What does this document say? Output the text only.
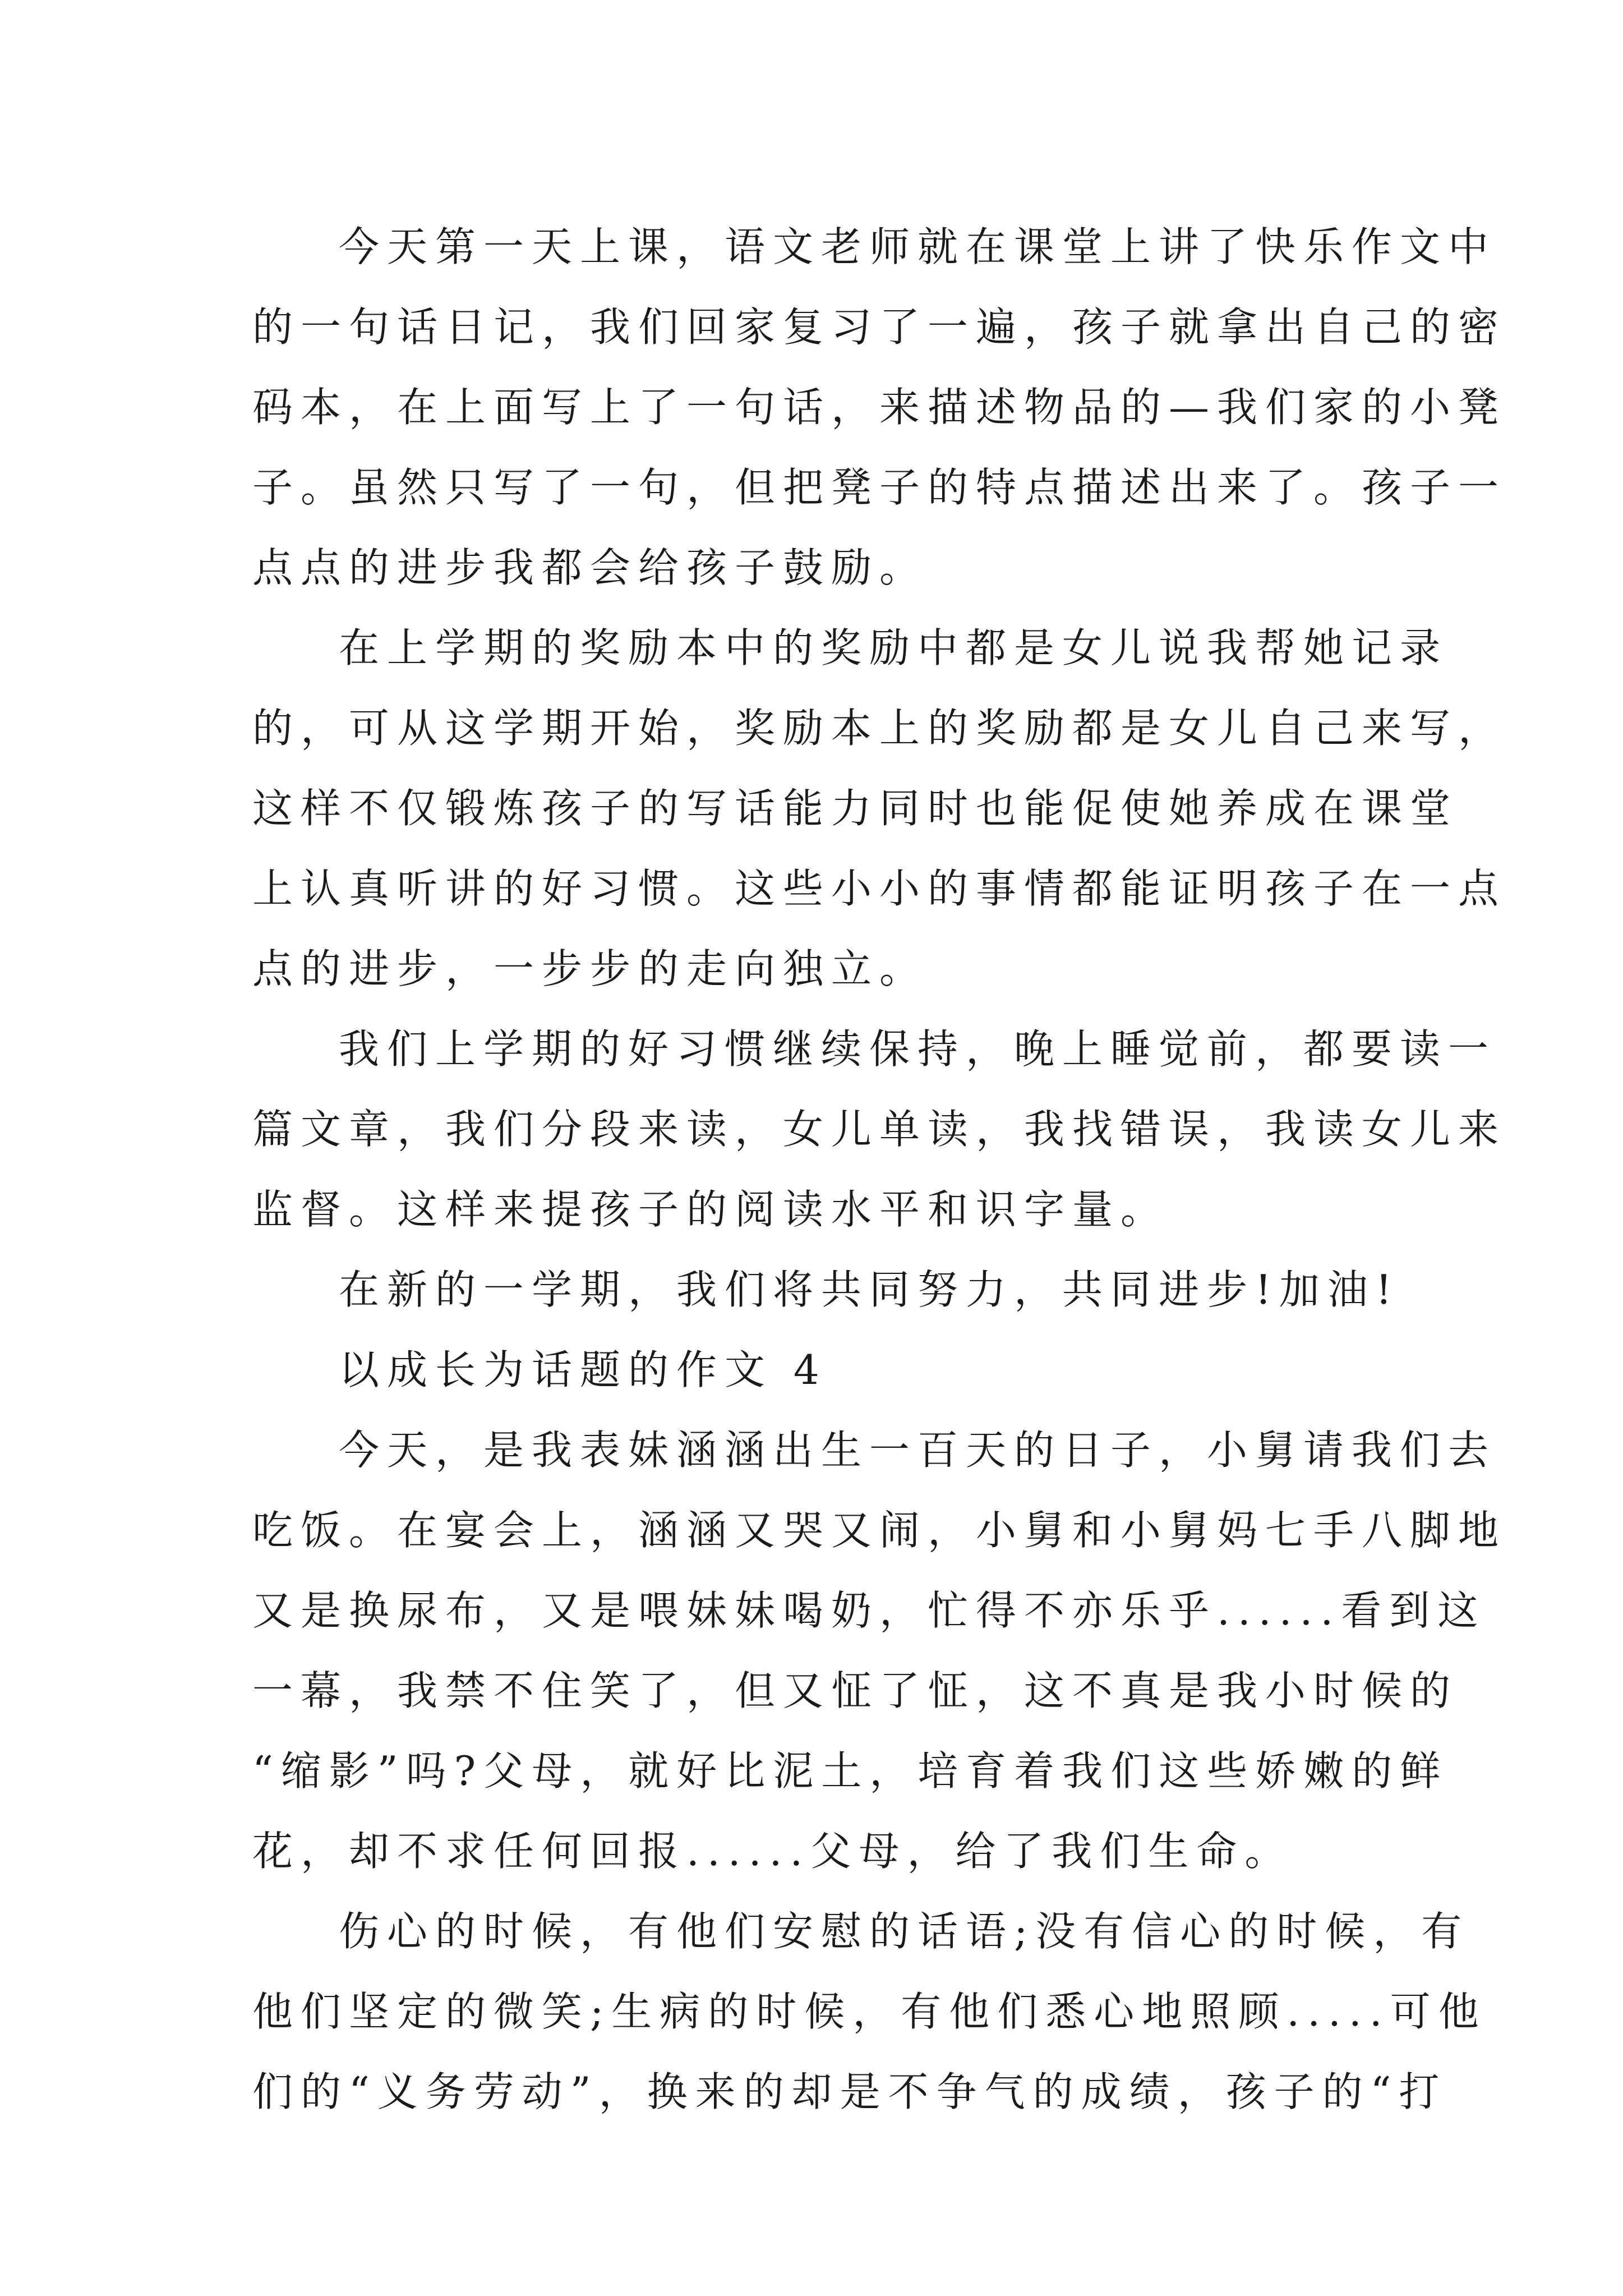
今天第一天上课，语文老师就在课堂上讲了快乐作文中
的一句话日记，我们回家复习了一遍，孩子就拿出自己的密
码本，在上面写上了一句话，来描述物品的—我们家的小凳
子。虽然只写了一句，但把凳子的特点描述出来了。孩子一
点点的进步我都会给孩子鼓励。
在上学期的奖励本中的奖励中都是女儿说我帮她记录
的，可从这学期开始，奖励本上的奖励都是女儿自己来写，
这样不仅锻炼孩子的写话能力同时也能促使她养成在课堂
上认真听讲的好习惯。这些小小的事情都能证明孩子在一点
点的进步，一步步的走向独立。
我们上学期的好习惯继续保持，晚上睡觉前，都要读一
篇文章，我们分段来读，女儿单读，我找错误，我读女儿来
监督。这样来提孩子的阅读水平和识字量。
在新的一学期，我们将共同努力，共同进步!加油!
以成长为话题的作文 4
今天，是我表妹涵涵出生一百天的日子，小舅请我们去
吃饭。在宴会上，涵涵又哭又闹，小舅和小舅妈七手八脚地
又是换尿布，又是喂妹妹喝奶，忙得不亦乐乎......看到这
一幕，我禁不住笑了，但又怔了怔，这不真是我小时候的
“缩影”吗?父母，就好比泥土，培育着我们这些娇嫩的鲜
花，却不求任何回报......父母，给了我们生命。
伤心的时候，有他们安慰的话语;没有信心的时候，有
他们坚定的微笑;生病的时候，有他们悉心地照顾.....可他
们的“义务劳动”，换来的却是不争气的成绩，孩子的“打
